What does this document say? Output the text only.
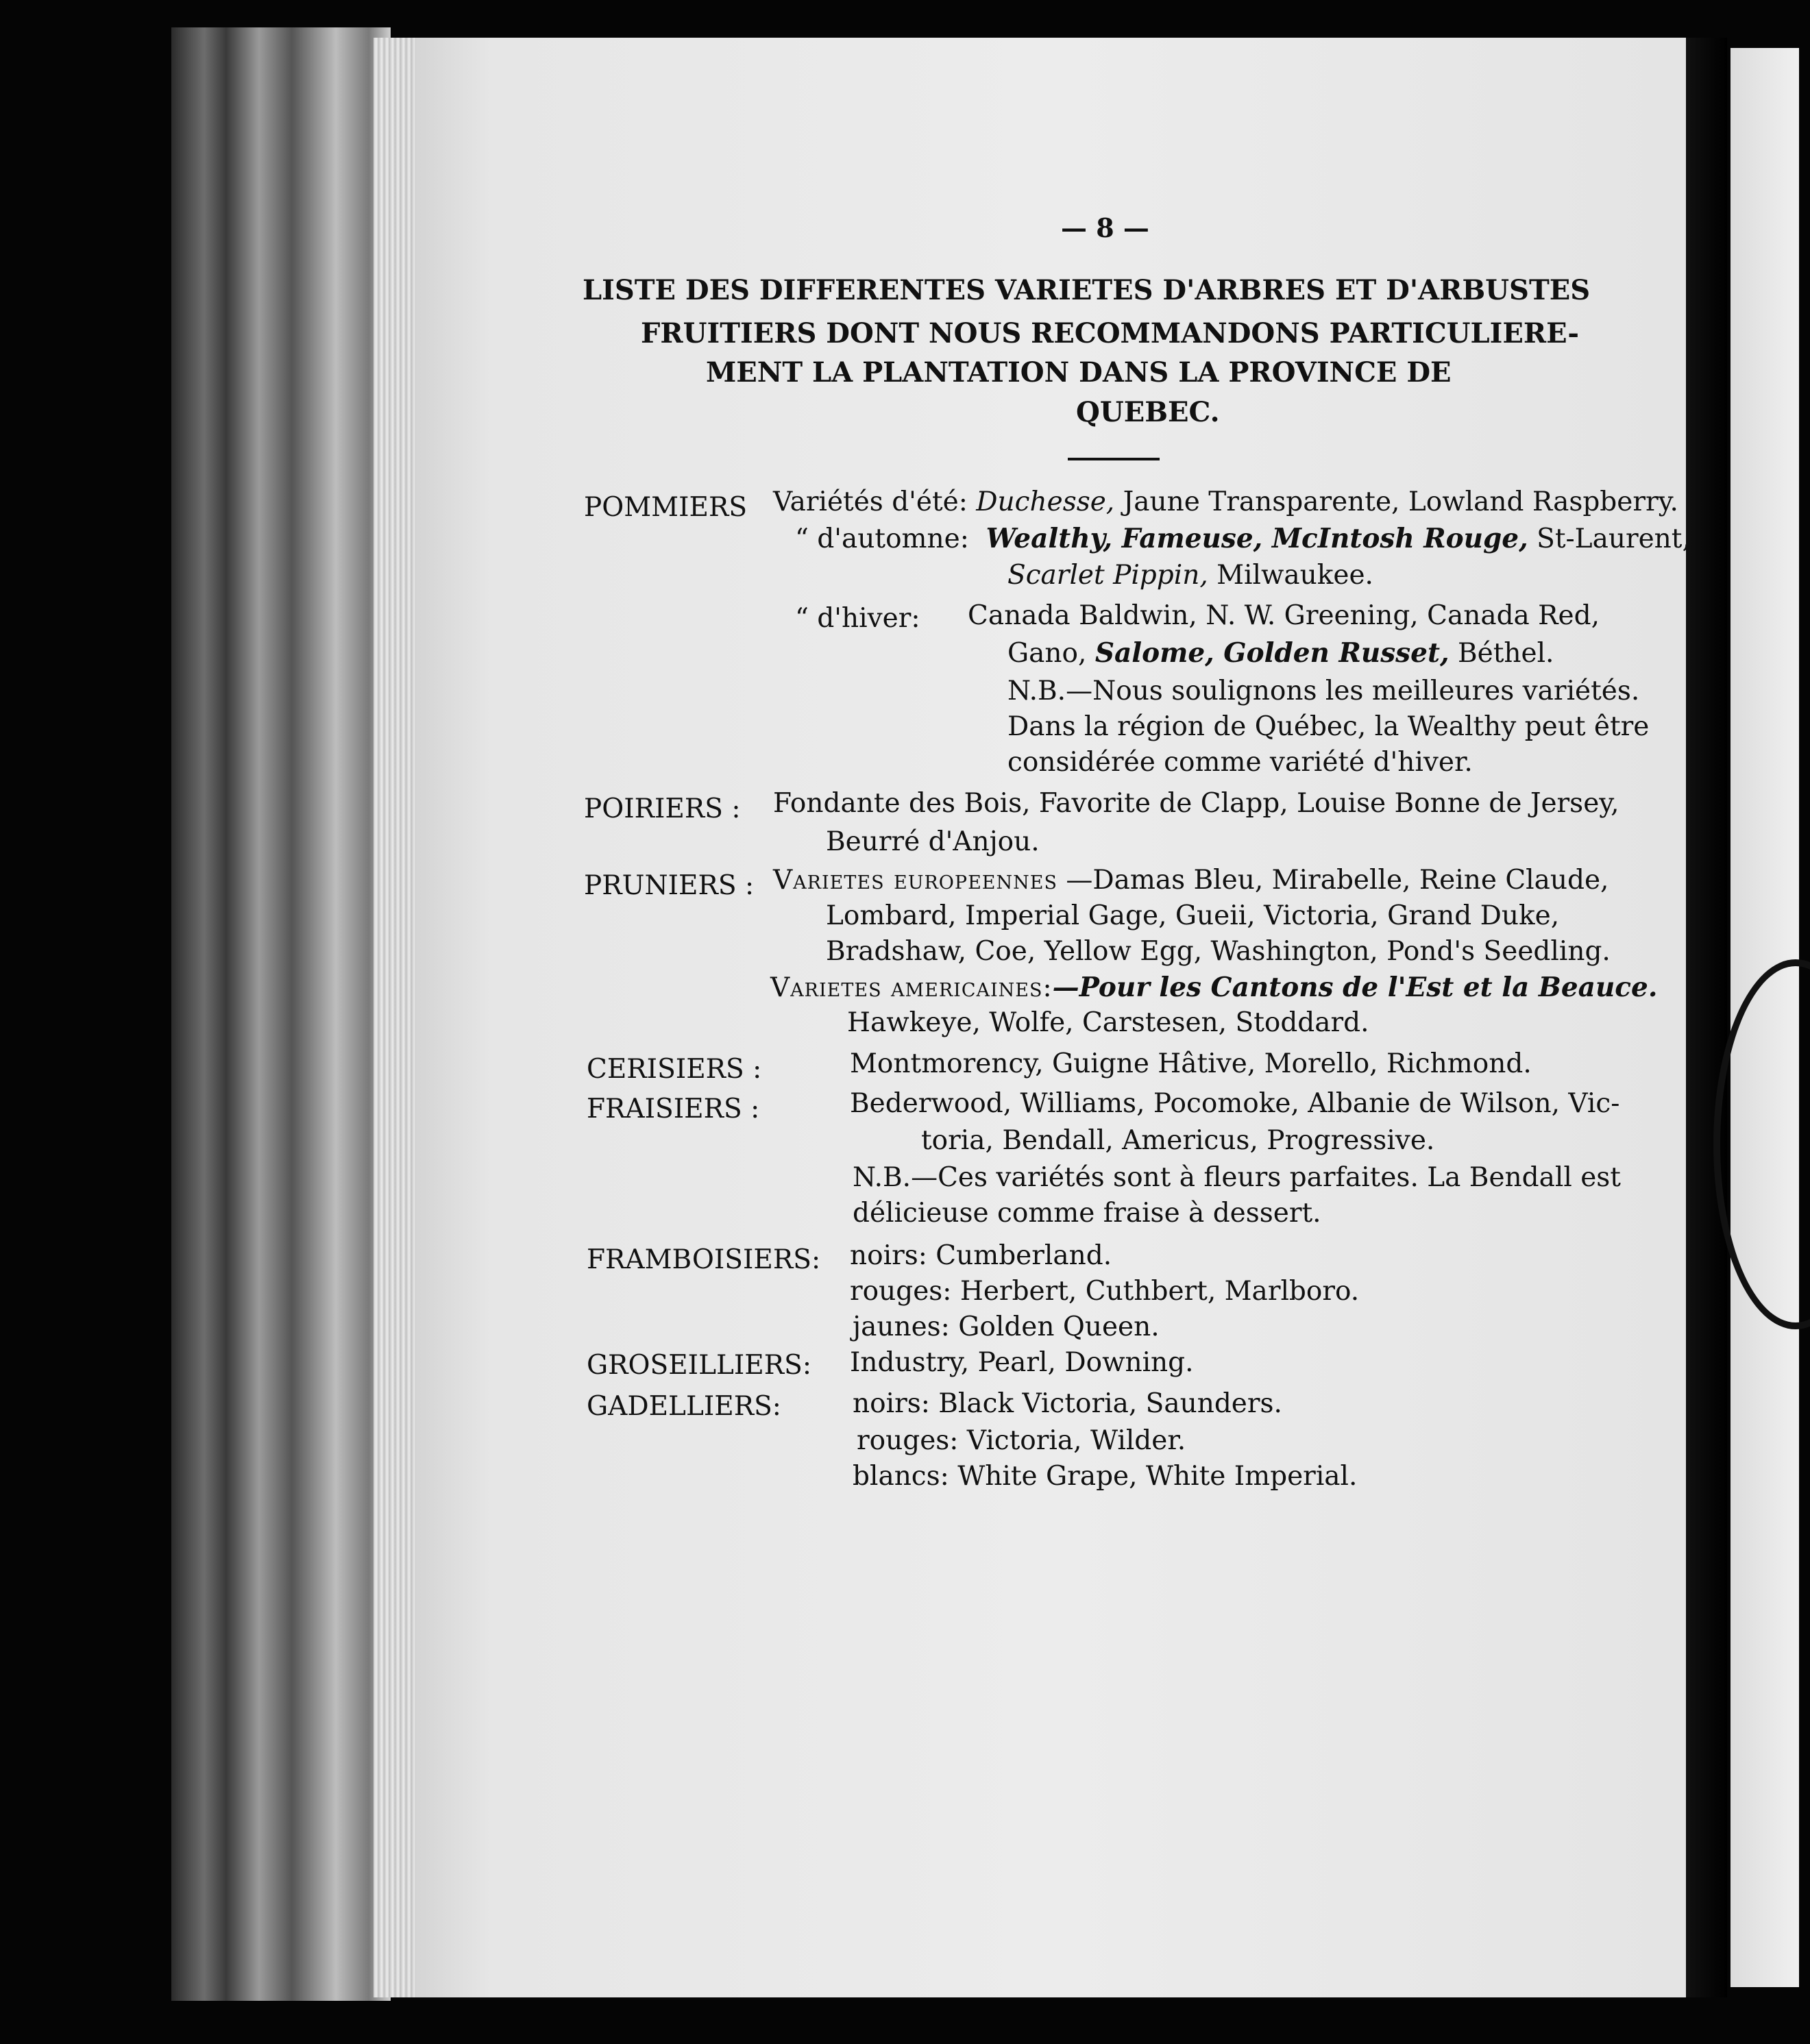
— 8 —
LISTE DES DIFFERENTES VARIETES D'ARBRES ET D'ARBUSTES
FRUITIERS DONT NOUS RECOMMANDONS PARTICULIERE-
MENT LA PLANTATION DANS LA PROVINCE DE
QUEBEC.
POMMIERS Variétés d'été: Duchesse, Jaune Transparente, Lowland Raspberry.
“ d'automne: Wealthy, Fameuse, McIntosh Rouge, St-Laurent,
Scarlet Pippin, Milwaukee.
“ d'hiver: Canada Baldwin, N. W. Greening, Canada Red,
Gano, Salome, Golden Russet, Béthel.
N.B.—Nous soulignons les meilleures variétés.
Dans la région de Québec, la Wealthy peut être
considérée comme variété d'hiver.
POIRIERS : Fondante des Bois, Favorite de Clapp, Louise Bonne de Jersey,
Beurré d'Anjou.
PRUNIERS : Varietes europeennes —Damas Bleu, Mirabelle, Reine Claude,
Lombard, Imperial Gage, Gueii, Victoria, Grand Duke,
Bradshaw, Coe, Yellow Egg, Washington, Pond's Seedling.
Varietes americaines:—Pour les Cantons de l'Est et la Beauce.
Hawkeye, Wolfe, Carstesen, Stoddard.
CERISIERS :	Montmorency, Guigne Hâtive, Morello, Richmond.
FRAISIERS :	Bederwood, Williams, Pocomoke, Albanie de Wilson, Vic-
toria, Bendall, Americus, Progressive.
N.B.—Ces variétés sont à fleurs parfaites. La Bendall est
délicieuse comme fraise à dessert.
FRAMBOISIERS: noirs: Cumberland.
rouges: Herbert, Cuthbert, Marlboro.
jaunes: Golden Queen.
GROSEILLIERS: Industry, Pearl, Downing.
GADELLIERS:	noirs: Black Victoria, Saunders.
rouges: Victoria, Wilder.
blancs: White Grape, White Imperial.
